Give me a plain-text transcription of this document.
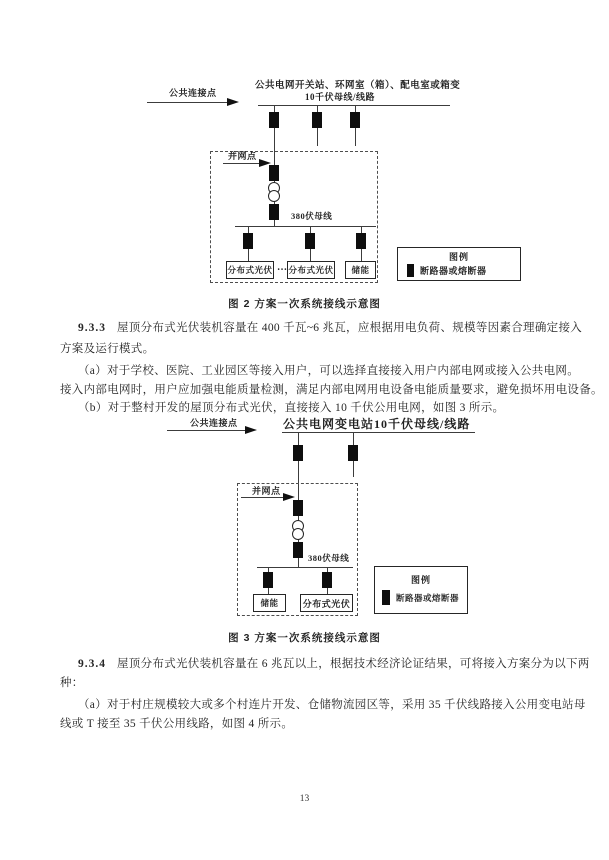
公共连接点
公共电网开关站、环网室（箱）、配电室或箱变
10千伏母线/线路
并网点
380伏母线
分布式光伏 … 分布式光伏	储能
图例
断路器或熔断器
图 2 方案一次系统接线示意图
9.3.3 屋顶分布式光伏装机容量在 400 千瓦~6 兆瓦，应根据用电负荷、规模等因素合理确定接入
方案及运行模式。
（a）对于学校、医院、工业园区等接入用户，可以选择直接接入用户内部电网或接入公共电网。
接入内部电网时，用户应加强电能质量检测，满足内部电网用电设备电能质量要求，避免损坏用电设备。
（b）对于整村开发的屋顶分布式光伏，直接接入 10 千伏公用电网，如图 3 所示。
公共连接点	公共电网变电站10千伏母线/线路
并网点
380伏母线
储能	分布式光伏
图例
断路器或熔断器
图 3 方案一次系统接线示意图
9.3.4 屋顶分布式光伏装机容量在 6 兆瓦以上，根据技术经济论证结果，可将接入方案分为以下两
种：
（a）对于村庄规模较大或多个村连片开发、仓储物流园区等，采用 35 千伏线路接入公用变电站母
线或 T 接至 35 千伏公用线路，如图 4 所示。
13
